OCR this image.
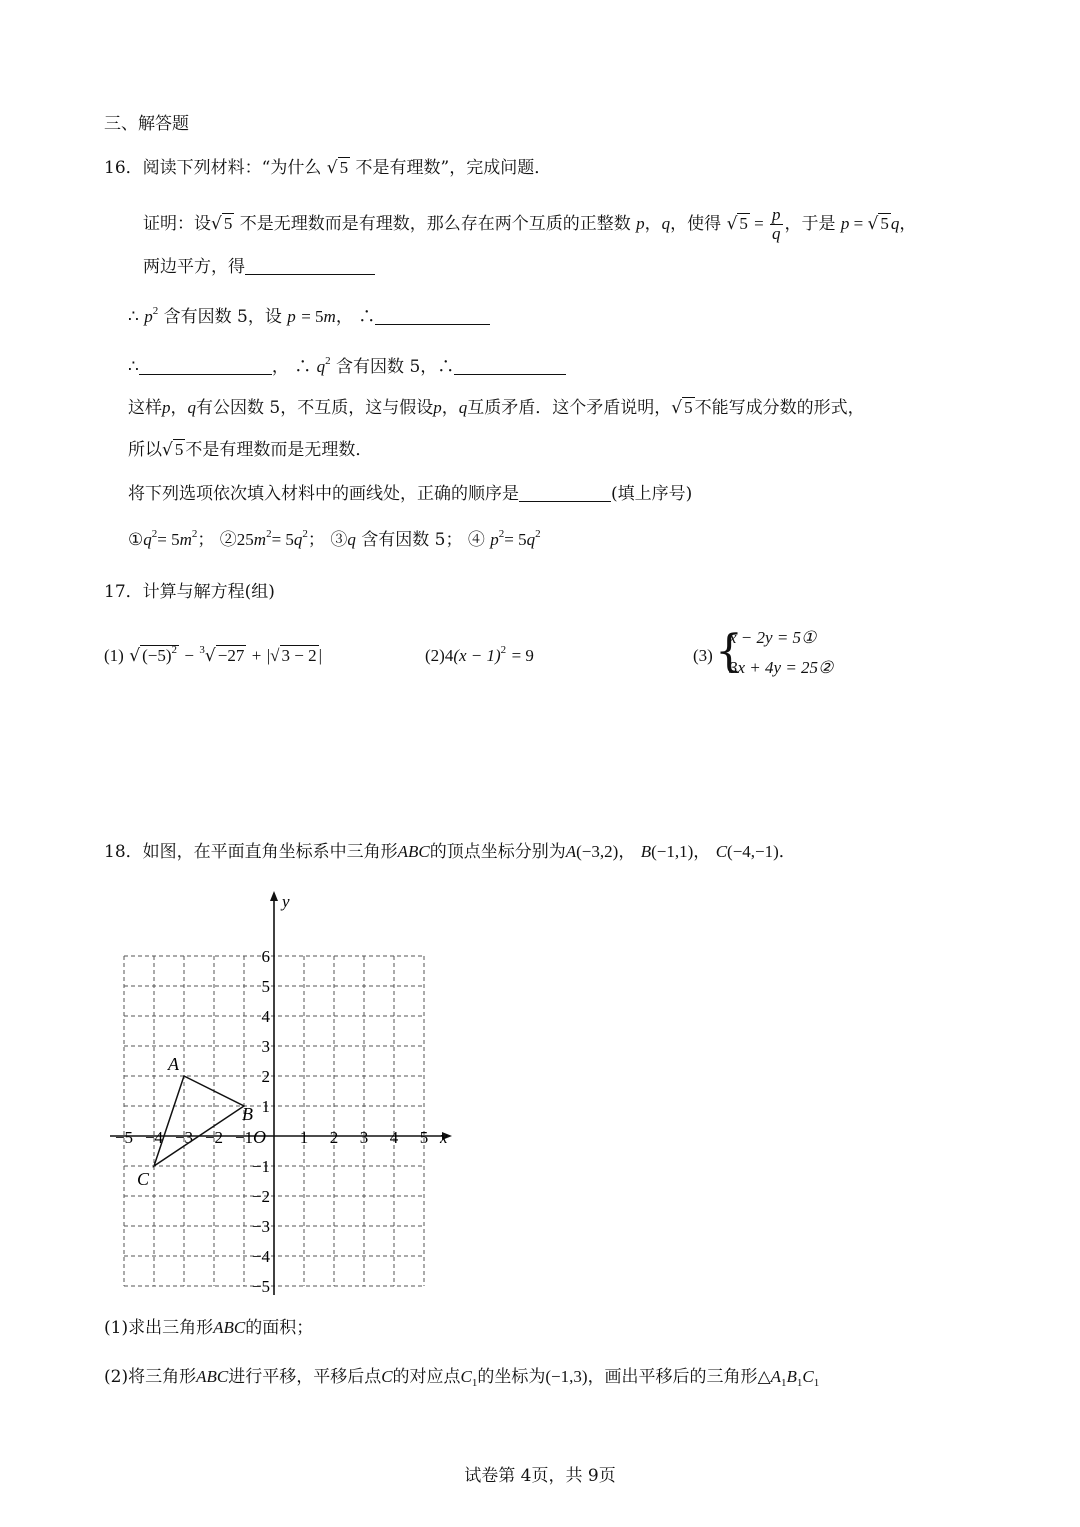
三、解答题
16．阅读下列材料：“为什么 √ 5 不是有理数”，完成问题．
证明：设√ 5 不是无理数而是有理数，那么存在两个互质的正整数 p，q，使得 √ $5 = \frac{p}{q}$ ，于是 p = √ 5 q，
两边平方，得
∴ $p^2$ 含有因数 5，设 p = 5m， ∴
∴	， ∴ $q^2$ 含有因数 5，∴
这样p，q有公因数 5，不互质，这与假设p，q互质矛盾．这个矛盾说明，√ 5 不能写成分数的形式，
所以√ 5 不是有理数而是无理数．
将下列选项依次填入材料中的画线处，正确的顺序是	(填上序号)
$①q^2= 5m^2$； $②25m^2= 5q^2$； ③q 含有因数 5； ④ $p^2= 5q^2$
17．计算与解方程(组)
(1) √ $(-5)^2 - ^3√ -27$ + |√ 3 − 2 |	$(2)4(x - 1)^2 = 9$	(3) {
x − 2y = 5①
3x + 4y = 25②
18．如图，在平面直角坐标系中三角形ABC的顶点坐标分别为A(−3,2)， B(−1,1)， C(−4,−1)．
x
y
O
−5 −4 −3 −2 −1	1 2 3 4 5
6
5
4
3
2
1
−1
−2
−3
−4
−5
A
B
C
(1)求出三角形ABC的面积；
(2)将三角形ABC进行平移，平移后点C的对应点$C_1$的坐标为(−1,3)，画出平移后的三角形$\triangle A_1B_1C_1$
试卷第 4页，共 9页
